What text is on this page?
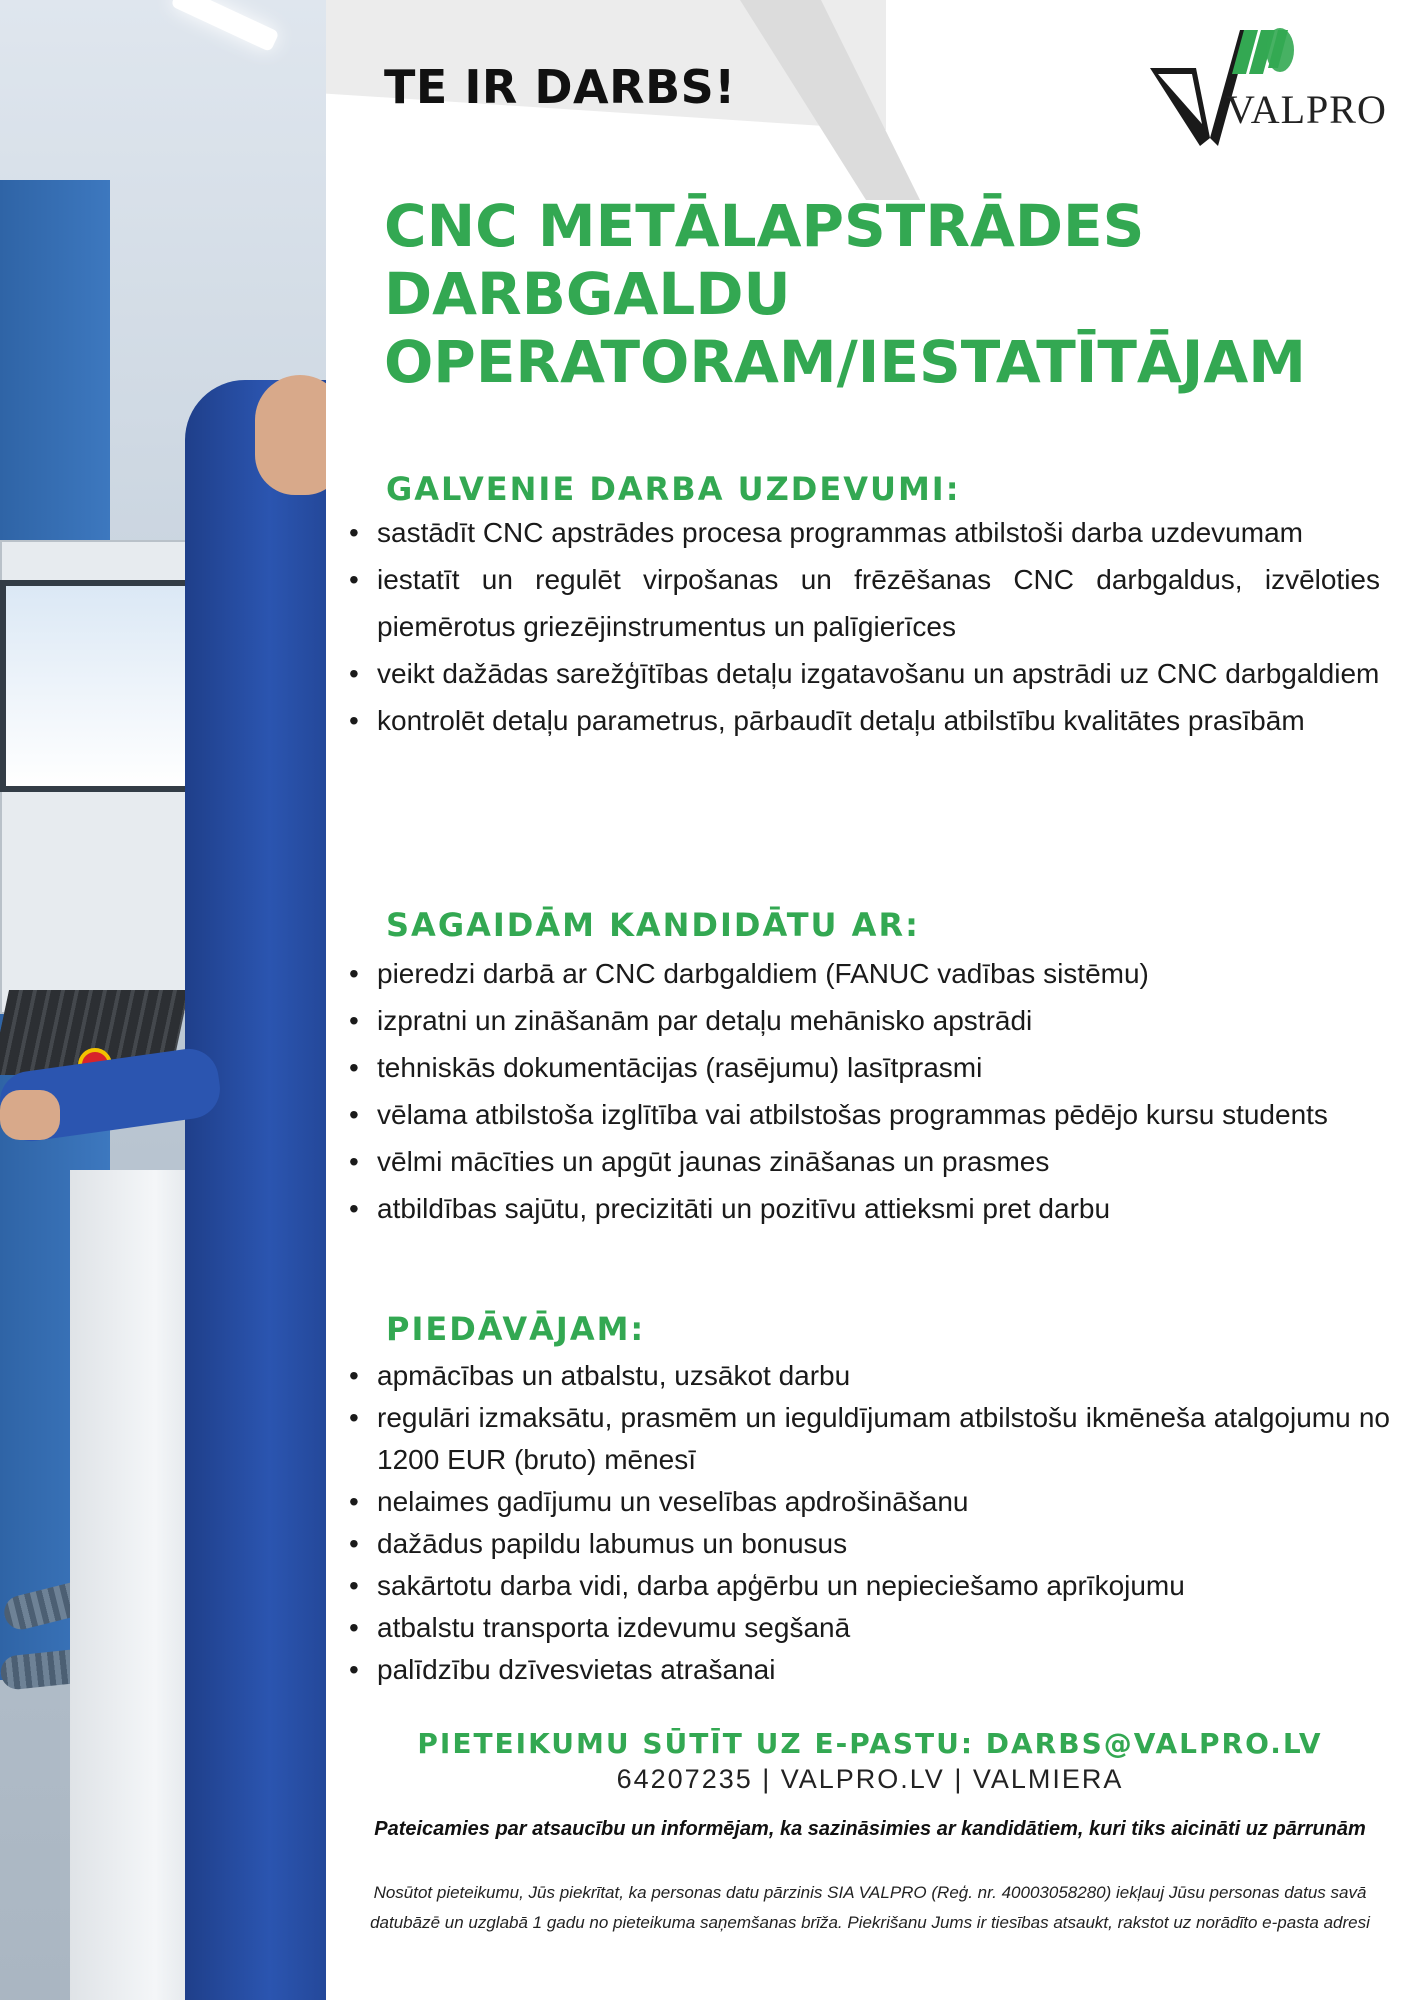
TE IR DARBS!	VALPRO
CNC METĀLAPSTRĀDES
DARBGALDU
OPERATORAM/IESTATĪTĀJAM
GALVENIE DARBA UZDEVUMI:
• sastādīt CNC apstrādes procesa programmas atbilstoši darba uzdevumam
• iestatīt un regulēt virpošanas un frēzēšanas CNC darbgaldus, izvēloties piemērotus griezējinstrumentus un palīgierīces
• veikt dažādas sarežģītības detaļu izgatavošanu un apstrādi uz CNC darbgaldiem
• kontrolēt detaļu parametrus, pārbaudīt detaļu atbilstību kvalitātes prasībām
SAGAIDĀM KANDIDĀTU AR:
• pieredzi darbā ar CNC darbgaldiem (FANUC vadības sistēmu)
• izpratni un zināšanām par detaļu mehānisko apstrādi
• tehniskās dokumentācijas (rasējumu) lasītprasmi
• vēlama atbilstoša izglītība vai atbilstošas programmas pēdējo kursu students
• vēlmi mācīties un apgūt jaunas zināšanas un prasmes
• atbildības sajūtu, precizitāti un pozitīvu attieksmi pret darbu
PIEDĀVĀJAM:
• apmācības un atbalstu, uzsākot darbu
• regulāri izmaksātu, prasmēm un ieguldījumam atbilstošu ikmēneša atalgojumu no 1200 EUR (bruto) mēnesī
• nelaimes gadījumu un veselības apdrošināšanu
• dažādus papildu labumus un bonusus
• sakārtotu darba vidi, darba apģērbu un nepieciešamo aprīkojumu
• atbalstu transporta izdevumu segšanā
• palīdzību dzīvesvietas atrašanai
PIETEIKUMU SŪTĪT UZ E-PASTU: DARBS@VALPRO.LV
64207235 | VALPRO.LV | VALMIERA
Pateicamies par atsaucību un informējam, ka sazināsimies ar kandidātiem, kuri tiks aicināti uz pārrunām
Nosūtot pieteikumu, Jūs piekrītat, ka personas datu pārzinis SIA VALPRO (Reģ. nr. 40003058280) iekļauj Jūsu personas datus savā datubāzē un uzglabā 1 gadu no pieteikuma saņemšanas brīža. Piekrišanu Jums ir tiesības atsaukt, rakstot uz norādīto e-pasta adresi
